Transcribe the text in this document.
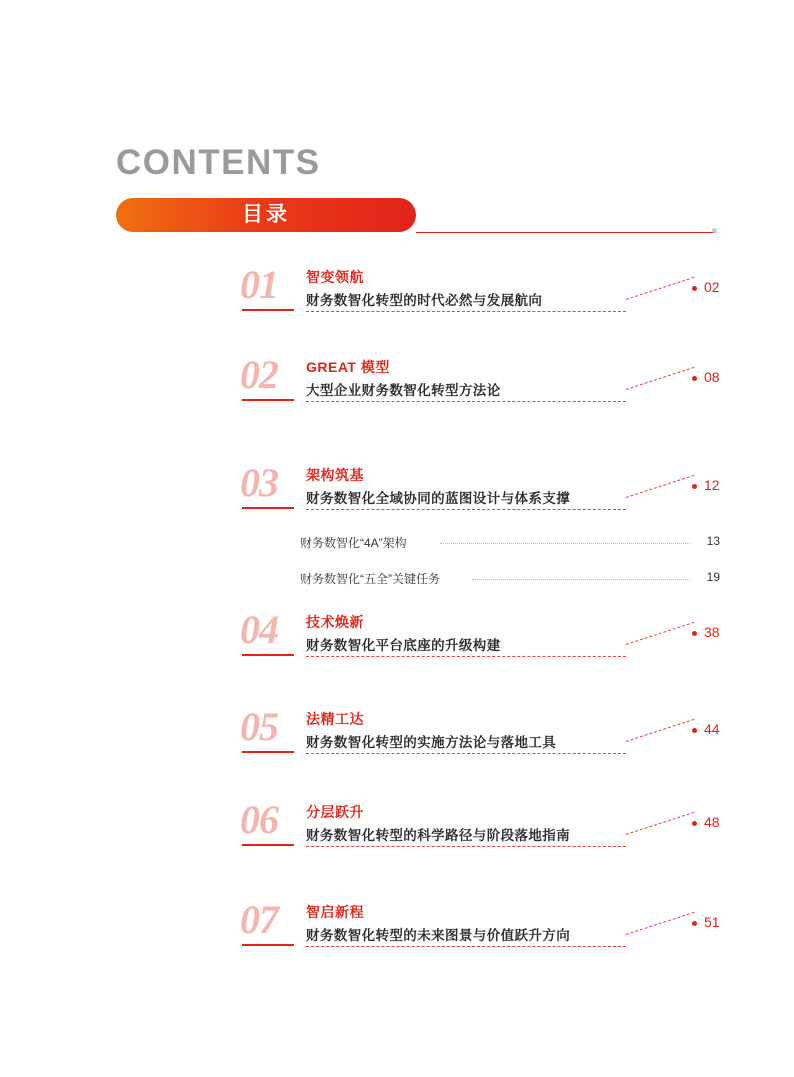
CONTENTS
目录
01 智变领航
财务数智化转型的时代必然与发展航向
02
02 GREAT 模型
大型企业财务数智化转型方法论
08
03 架构筑基
财务数智化全域协同的蓝图设计与体系支撑
12
财务数智化“4A”架构	13
财务数智化“五全”关键任务	19
04 技术焕新
财务数智化平台底座的升级构建
38
05 法精工达
财务数智化转型的实施方法论与落地工具
44
06 分层跃升
财务数智化转型的科学路径与阶段落地指南
48
07 智启新程
财务数智化转型的未来图景与价值跃升方向
51
